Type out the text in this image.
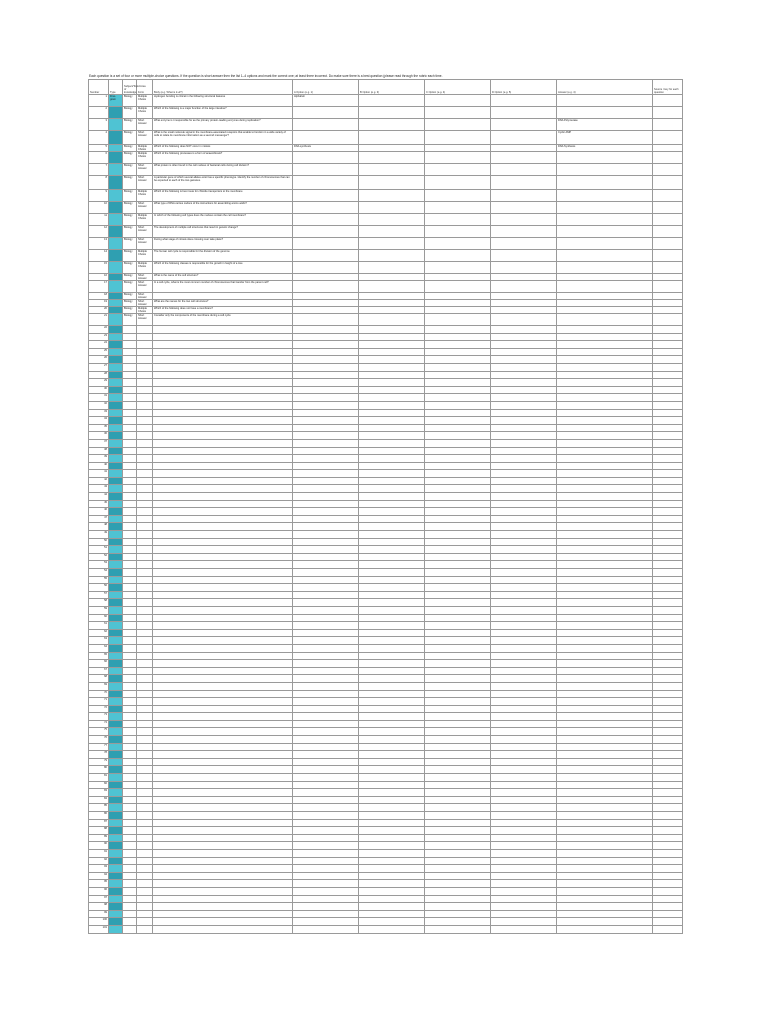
Each question is a set of four or more multiple-choice questions. If the question is short answer then the list 1–4 options and mark the correct one; at least three incorrect. Do make sure there is a best question (please read through the rubric each time.
Number	Type	Subject/Topic/Area of knowledge	Form	Body (e.g. What is 2+2?)	A Option (e.g. 1)	B Option (e.g. 3)	C Option (e.g. 4)	D Option (e.g. 5)	Answer (e.g. 4)	Source / key for each question
1	Fine-grain	Biology	Multiple Choice	Hydrogen bonding is critical in the following structural features	Alphaheli					
2		Biology	Multiple Choice	Which of the following is a major function of the large intestine?						
3		Biology	Short Answer	What enzyme is it responsible for as the primary protein-reading enzymes during replication?					DNA Polymerase	
4		Biology	Short Answer	What is the small molecule signal in the membrane-associated receptors that enable to function in a wide variety of cells to relate its membrane information as a second messenger?					Cyclic AMP	
5		Biology	Multiple Choice	Which of the following does NOT occur in mitosis	DNA synthesis				DNA Synthesis	
6		Biology	Multiple Choice	Which of the following processes is a form of anaerobiosis?						
7		Biology	Short Answer	What protein is often found in the cell nucleus of bacterial cells during cell division?						
8		Biology	Short Answer	A particular gene of which several alleles exist has a specific phenotype. Identify the number of chromosomes that can be expected to each of the two gametes.						
9		Biology	Multiple Choice	Which of the following is best route for chloride transporters to the membrane						
10		Biology	Short Answer	What type of RNA carries codons of the instructions for assembling amino acids?						
11		Biology	Multiple Choice	In which of the following cell types does the nucleus contain the cell membrane?						
12		Biology	Short Answer	The development of multiple cell structures that result in genetic change?						
13		Biology	Short Answer	During what stage of mitosis does crossing over take place?						
14		Biology	Multiple Choice	The human cell cycle is responsible for the division of the genome						
15		Biology	Multiple Choice	Which of the following classes is responsible for the growth in height of a tree						
16		Biology	Short Answer	What is the name of the cell structure?						
17		Biology	Short Answer	In a cell cycle, what is the most common number of chromosomes that transfer from the parent cell?						
18		Biology	Short Answer							
19		Biology	Short Answer	What are the names for the two cell structures?						
20		Biology	Multiple Choice	Which of the following does not have a membrane?						
21		Biology	Short Answer	Consider only the components of the membrane during a cell cycle						
22										
23										
24										
25										
26										
27										
28										
29										
30										
31										
32										
33										
34										
35										
36										
37										
38										
39										
40										
41										
42										
43										
44										
45										
46										
47										
48										
49										
50										
51										
52										
53										
54										
55										
56										
57										
58										
59										
60										
61										
62										
63										
64										
65										
66										
67										
68										
69										
70										
71										
72										
73										
74										
75										
76										
77										
78										
79										
80										
81										
82										
83										
84										
85										
86										
87										
88										
89										
90										
91										
92										
93										
94										
95										
96										
97										
98										
99										
100										
101										
